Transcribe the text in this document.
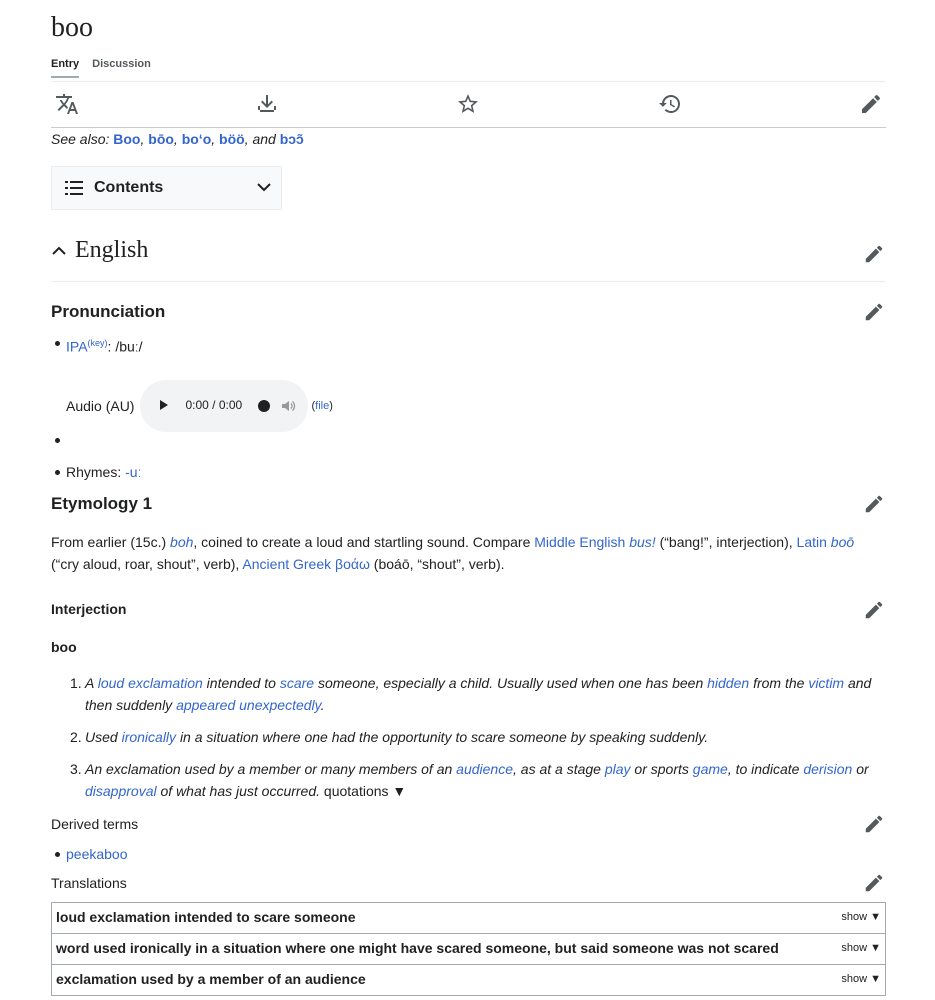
boo
Entry Discussion
See also: Boo, bōo, boʻo, böö, and bɔɔ̃
Contents
English
Pronunciation
$IPA^{(key)}$: /buː/
Audio (AU)	0:00 / 0:00	(file)
Rhymes: -uː
Etymology 1
From earlier (15c.) boh, coined to create a loud and startling sound. Compare Middle English bus! (“bang!”, interjection), Latin boō (“cry aloud, roar, shout”, verb), Ancient Greek βοάω (boáō, “shout”, verb).
Interjection
boo
1. A loud exclamation intended to scare someone, especially a child. Usually used when one has been hidden from the victim and then suddenly appeared unexpectedly.
2. Used ironically in a situation where one had the opportunity to scare someone by speaking suddenly.
3. An exclamation used by a member or many members of an audience, as at a stage play or sports game, to indicate derision or disapproval of what has just occurred. quotations ▼
Derived terms
peekaboo
Translations
loud exclamation intended to scare someone	show ▼
word used ironically in a situation where one might have scared someone, but said someone was not scared	show ▼
exclamation used by a member of an audience	show ▼
